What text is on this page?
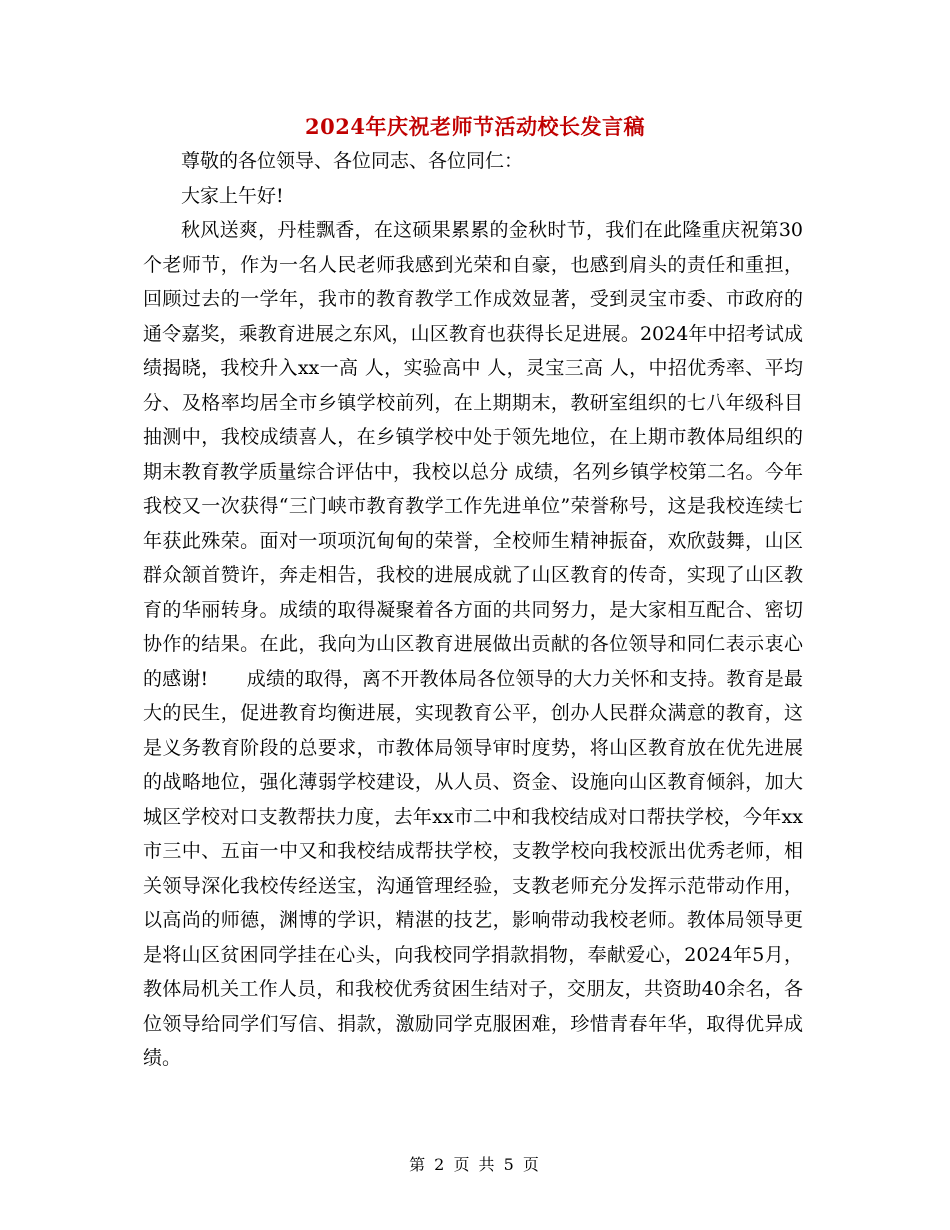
2024年庆祝老师节活动校长发言稿

尊敬的各位领导、各位同志、各位同仁：

大家上午好!

秋风送爽，丹桂飘香，在这硕果累累的金秋时节，我们在此隆重庆祝第30个老师节，作为一名人民老师我感到光荣和自豪，也感到肩头的责任和重担，回顾过去的一学年，我市的教育教学工作成效显著，受到灵宝市委、市政府的通令嘉奖，乘教育进展之东风，山区教育也获得长足进展。2024年中招考试成绩揭晓，我校升入xx一高 人，实验高中 人，灵宝三高 人，中招优秀率、平均分、及格率均居全市乡镇学校前列，在上期期末，教研室组织的七八年级科目抽测中，我校成绩喜人，在乡镇学校中处于领先地位，在上期市教体局组织的期末教育教学质量综合评估中，我校以总分 成绩，名列乡镇学校第二名。今年我校又一次获得“三门峡市教育教学工作先进单位”荣誉称号，这是我校连续七年获此殊荣。面对一项项沉甸甸的荣誉，全校师生精神振奋，欢欣鼓舞，山区群众颔首赞许，奔走相告，我校的进展成就了山区教育的传奇，实现了山区教育的华丽转身。成绩的取得凝聚着各方面的共同努力，是大家相互配合、密切协作的结果。在此，我向为山区教育进展做出贡献的各位领导和同仁表示衷心的感谢!　　成绩的取得，离不开教体局各位领导的大力关怀和支持。教育是最大的民生，促进教育均衡进展，实现教育公平，创办人民群众满意的教育，这是义务教育阶段的总要求，市教体局领导审时度势，将山区教育放在优先进展的战略地位，强化薄弱学校建设，从人员、资金、设施向山区教育倾斜，加大城区学校对口支教帮扶力度，去年xx市二中和我校结成对口帮扶学校，今年xx市三中、五亩一中又和我校结成帮扶学校，支教学校向我校派出优秀老师，相关领导深化我校传经送宝，沟通管理经验，支教老师充分发挥示范带动作用，以高尚的师德，渊博的学识，精湛的技艺，影响带动我校老师。教体局领导更是将山区贫困同学挂在心头，向我校同学捐款捐物，奉献爱心，2024年5月，教体局机关工作人员，和我校优秀贫困生结对子，交朋友，共资助40余名，各位领导给同学们写信、捐款，激励同学克服困难，珍惜青春年华，取得优异成绩。

第 2 页 共 5 页
